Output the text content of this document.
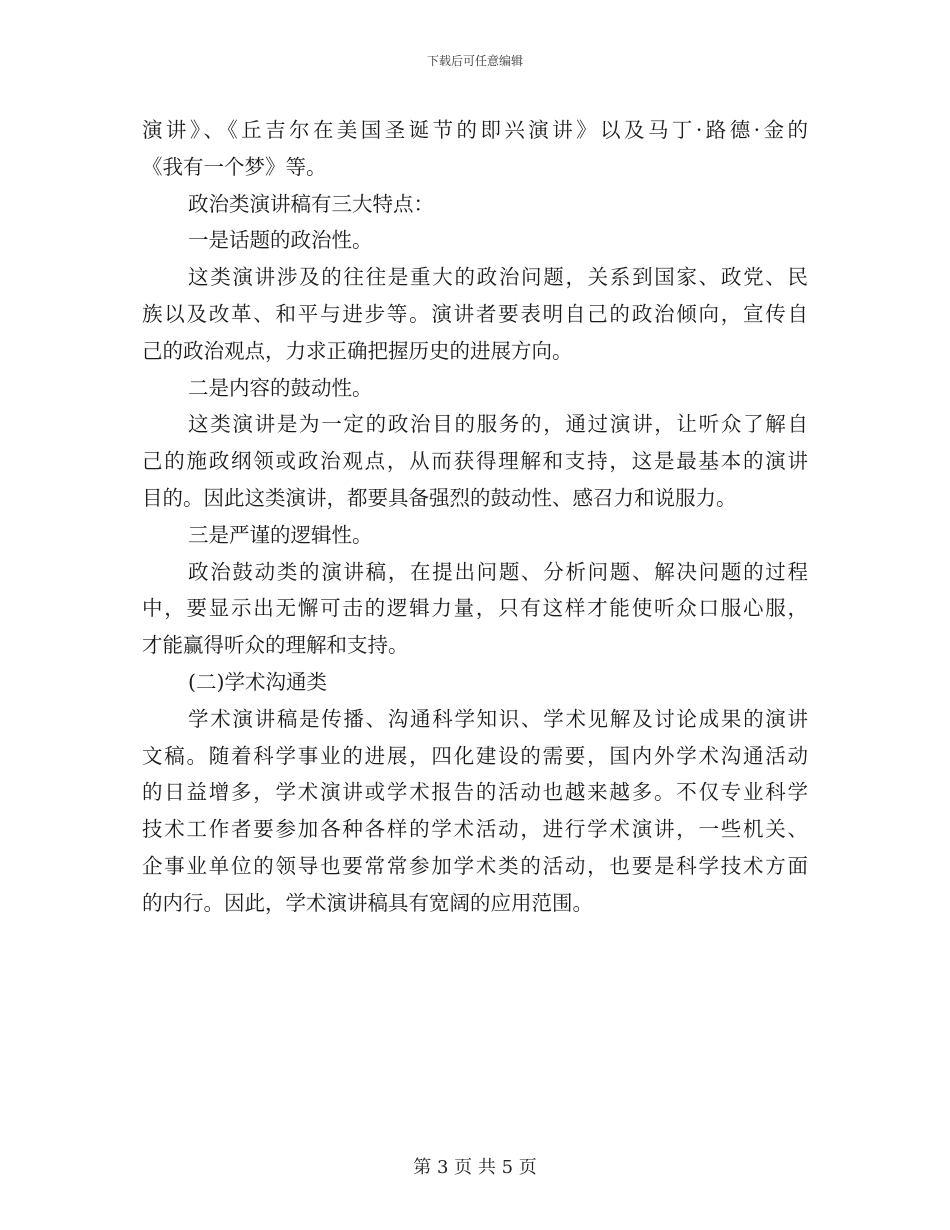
下载后可任意编辑
演讲》、《丘吉尔在美国圣诞节的即兴演讲》以及马丁·路德·金的
《我有一个梦》等。
政治类演讲稿有三大特点：
一是话题的政治性。
这类演讲涉及的往往是重大的政治问题，关系到国家、政党、民
族以及改革、和平与进步等。演讲者要表明自己的政治倾向，宣传自
己的政治观点，力求正确把握历史的进展方向。
二是内容的鼓动性。
这类演讲是为一定的政治目的服务的，通过演讲，让听众了解自
己的施政纲领或政治观点，从而获得理解和支持，这是最基本的演讲
目的。因此这类演讲，都要具备强烈的鼓动性、感召力和说服力。
三是严谨的逻辑性。
政治鼓动类的演讲稿，在提出问题、分析问题、解决问题的过程
中，要显示出无懈可击的逻辑力量，只有这样才能使听众口服心服，
才能赢得听众的理解和支持。
(二)学术沟通类
学术演讲稿是传播、沟通科学知识、学术见解及讨论成果的演讲
文稿。随着科学事业的进展，四化建设的需要，国内外学术沟通活动
的日益增多，学术演讲或学术报告的活动也越来越多。不仅专业科学
技术工作者要参加各种各样的学术活动，进行学术演讲，一些机关、
企事业单位的领导也要常常参加学术类的活动，也要是科学技术方面
的内行。因此，学术演讲稿具有宽阔的应用范围。
第 3 页 共 5 页
